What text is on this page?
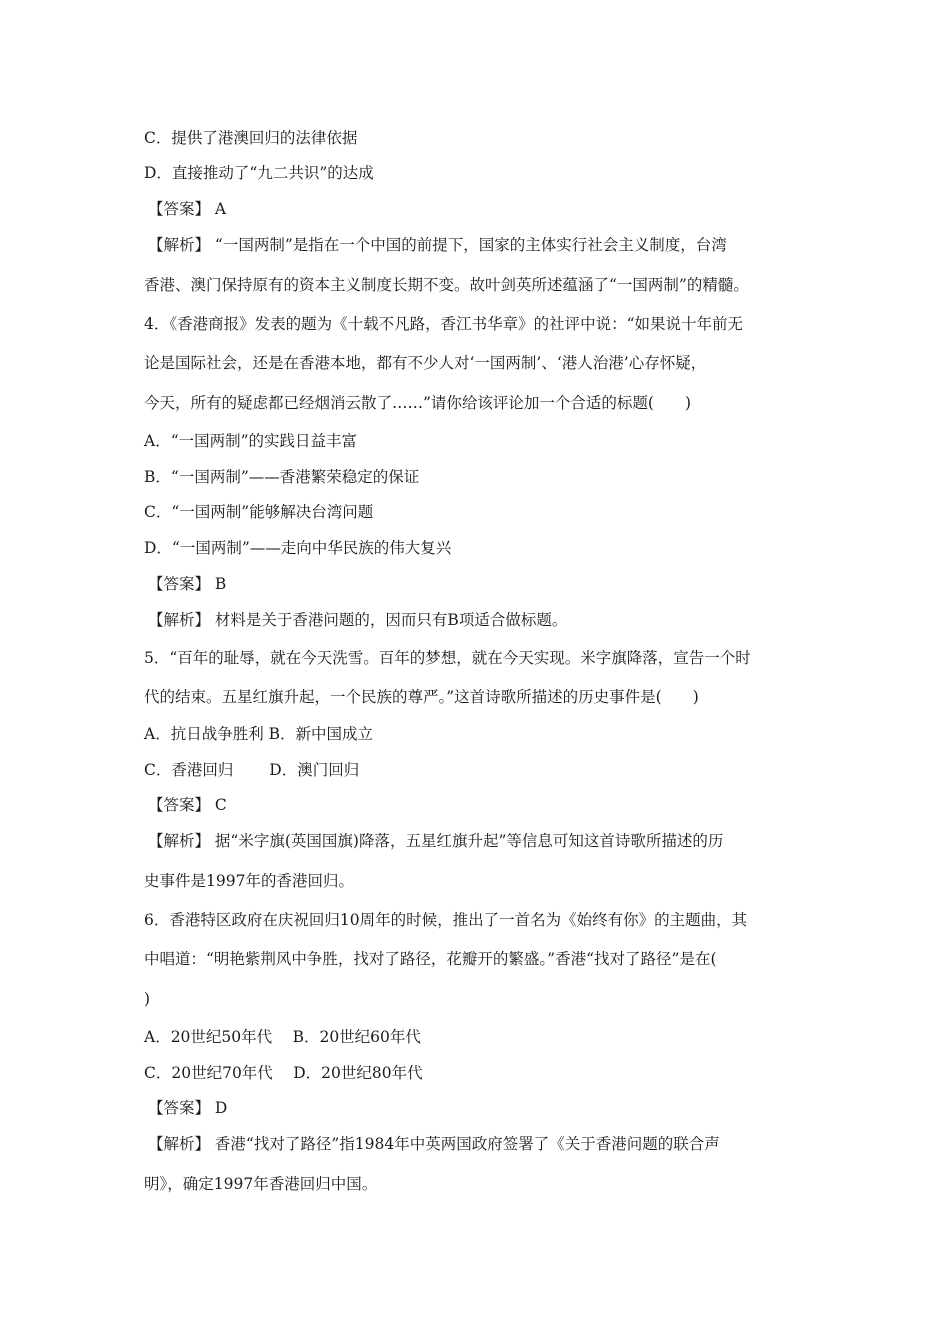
C．提供了港澳回归的法律依据
D．直接推动了“九二共识”的达成
【答案】 A
【解析】 “一国两制”是指在一个中国的前提下，国家的主体实行社会主义制度，台湾
香港、澳门保持原有的资本主义制度长期不变。故叶剑英所述蕴涵了“一国两制”的精髓。
4．《香港商报》发表的题为《十载不凡路，香江书华章》的社评中说：“如果说十年前无
论是国际社会，还是在香港本地，都有不少人对‘一国两制’、‘港人治港’心存怀疑，
今天，所有的疑虑都已经烟消云散了……”请你给该评论加一个合适的标题(　　)
A．“一国两制”的实践日益丰富
B．“一国两制”——香港繁荣稳定的保证
C．“一国两制”能够解决台湾问题
D．“一国两制”——走向中华民族的伟大复兴
【答案】 B
【解析】 材料是关于香港问题的，因而只有B项适合做标题。
5．“百年的耻辱，就在今天洗雪。百年的梦想，就在今天实现。米字旗降落，宣告一个时
代的结束。五星红旗升起，一个民族的尊严。”这首诗歌所描述的历史事件是(　　)
A．抗日战争胜利 B．新中国成立
C．香港回归　　 D．澳门回归
【答案】 C
【解析】 据“米字旗(英国国旗)降落，五星红旗升起”等信息可知这首诗歌所描述的历
史事件是1997年的香港回归。
6．香港特区政府在庆祝回归10周年的时候，推出了一首名为《始终有你》的主题曲，其
中唱道：“明艳紫荆风中争胜，找对了路径，花瓣开的繁盛。”香港“找对了路径”是在(
)
A．20世纪50年代　 B．20世纪60年代
C．20世纪70年代　 D．20世纪80年代
【答案】 D
【解析】 香港“找对了路径”指1984年中英两国政府签署了《关于香港问题的联合声
明》，确定1997年香港回归中国。
